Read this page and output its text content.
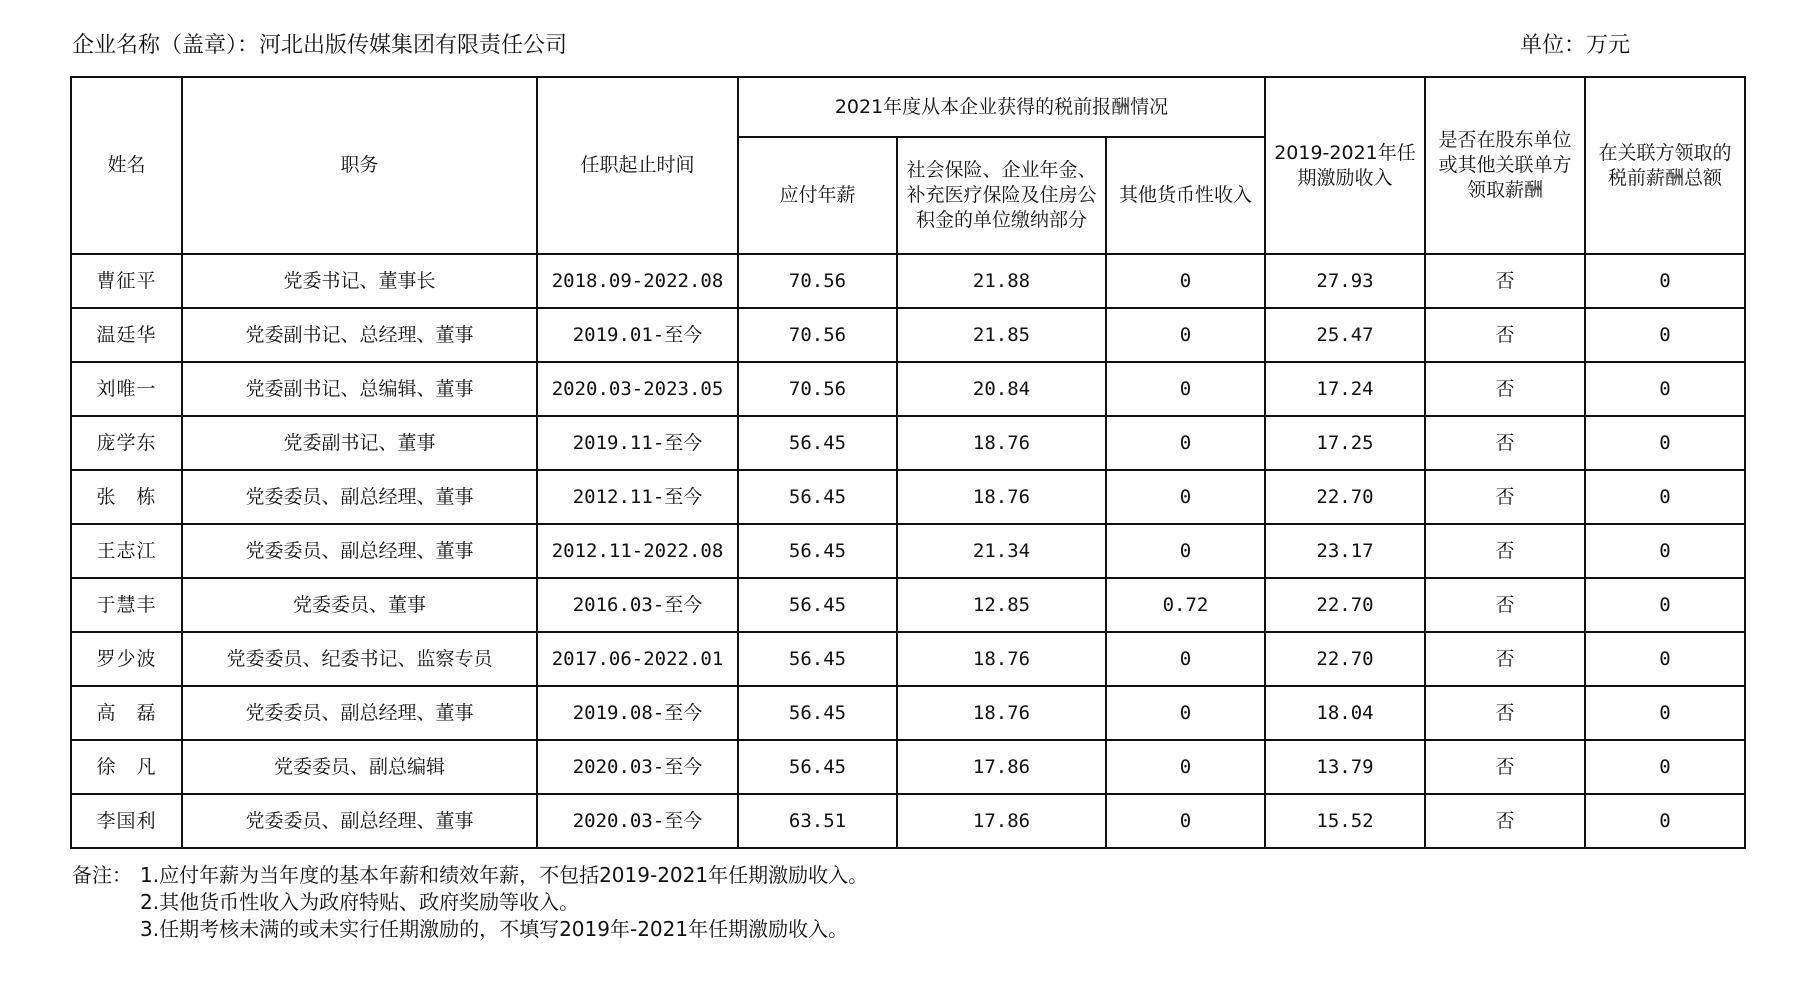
企业名称（盖章）：河北出版传媒集团有限责任公司	单位：万元
姓名	职务	任职起止时间	2021年度从本企业获得的税前报酬情况			2019-2021年任期激励收入	是否在股东单位或其他关联单方领取薪酬	在关联方领取的税前薪酬总额
			应付年薪	社会保险、企业年金、补充医疗保险及住房公积金的单位缴纳部分	其他货币性收入			
曹征平	党委书记、董事长	2018.09-2022.08	70.56	21.88	0	27.93	否	0
温廷华	党委副书记、总经理、董事	2019.01-至今	70.56	21.85	0	25.47	否	0
刘唯一	党委副书记、总编辑、董事	2020.03-2023.05	70.56	20.84	0	17.24	否	0
庞学东	党委副书记、董事	2019.11-至今	56.45	18.76	0	17.25	否	0
张　栋	党委委员、副总经理、董事	2012.11-至今	56.45	18.76	0	22.70	否	0
王志江	党委委员、副总经理、董事	2012.11-2022.08	56.45	21.34	0	23.17	否	0
于慧丰	党委委员、董事	2016.03-至今	56.45	12.85	0.72	22.70	否	0
罗少波	党委委员、纪委书记、监察专员	2017.06-2022.01	56.45	18.76	0	22.70	否	0
高　磊	党委委员、副总经理、董事	2019.08-至今	56.45	18.76	0	18.04	否	0
徐　凡	党委委员、副总编辑	2020.03-至今	56.45	17.86	0	13.79	否	0
李国利	党委委员、副总经理、董事	2020.03-至今	63.51	17.86	0	15.52	否	0
备注： 1.应付年薪为当年度的基本年薪和绩效年薪，不包括2019-2021年任期激励收入。
2.其他货币性收入为政府特贴、政府奖励等收入。
3.任期考核未满的或未实行任期激励的，不填写2019年-2021年任期激励收入。
